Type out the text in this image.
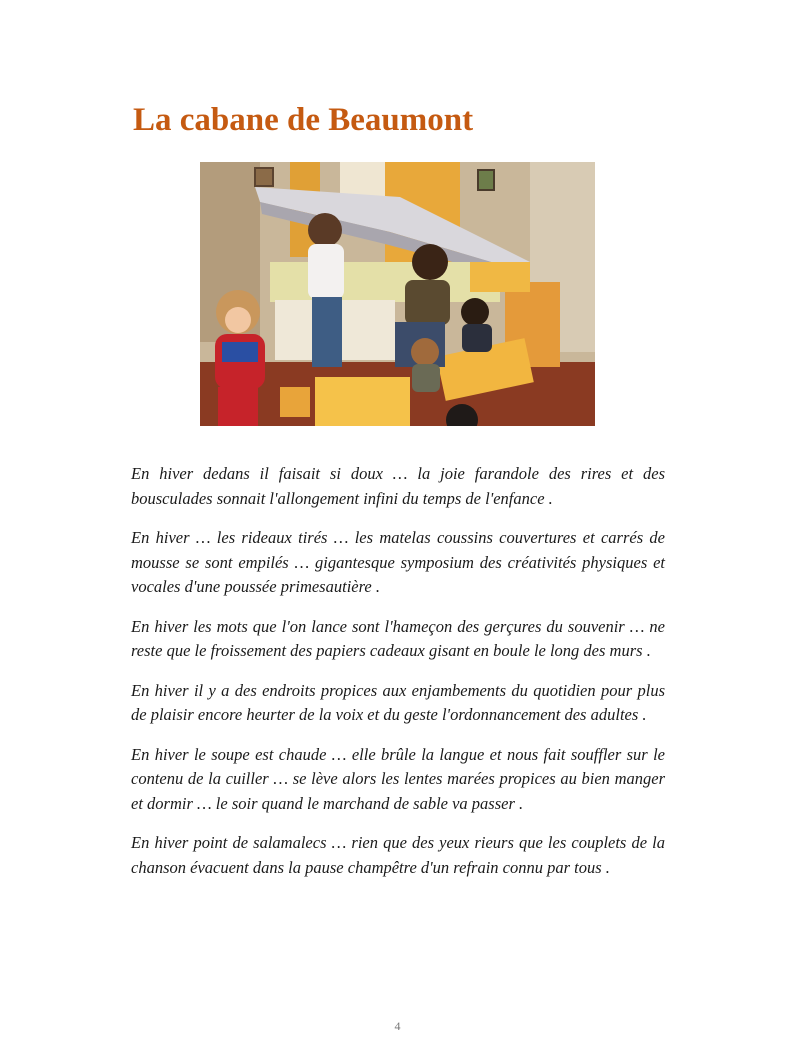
La cabane de Beaumont

En hiver dedans il faisait si doux … la joie farandole des rires et des bousculades sonnait l'allongement infini du temps de l'enfance .

En hiver … les rideaux tirés … les matelas coussins couvertures et carrés de mousse se sont empilés … gigantesque symposium des créativités physiques et vocales d'une poussée primesautière .

En hiver les mots que l'on lance sont l'hameçon des gerçures du souvenir … ne reste que le froissement des papiers cadeaux gisant en boule le long des murs .

En hiver il y a des endroits propices aux enjambements du quotidien pour plus de plaisir encore heurter de la voix et du geste l'ordonnancement des adultes .

En hiver le soupe est chaude … elle brûle la langue et nous fait souffler sur le contenu de la cuiller … se lève alors les lentes marées propices au bien manger et dormir … le soir quand le marchand de sable va passer .

En hiver point de salamalecs … rien que des yeux rieurs que les couplets de la chanson évacuent dans la pause champêtre d'un refrain connu par tous .

4
